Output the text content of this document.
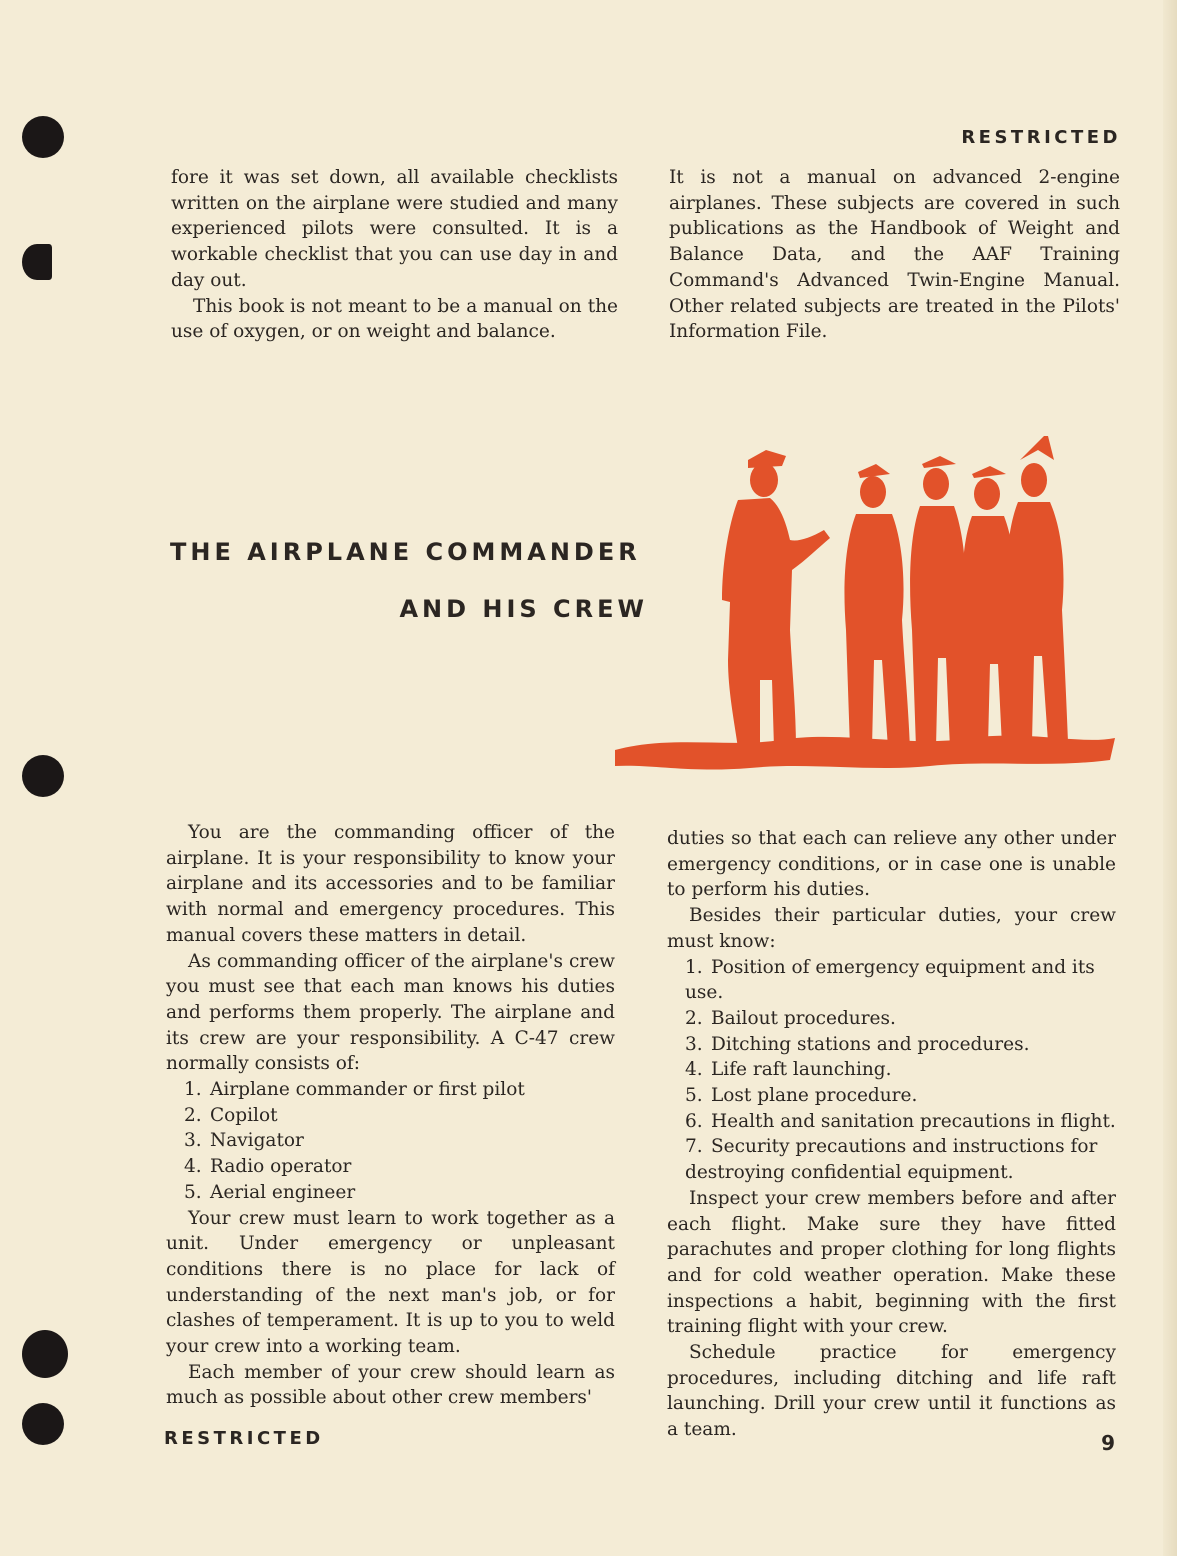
RESTRICTED

fore it was set down, all available checklists written on the airplane were studied and many experienced pilots were consulted. It is a workable checklist that you can use day in and day out.

This book is not meant to be a manual on the use of oxygen, or on weight and balance.

It is not a manual on advanced 2-engine airplanes. These subjects are covered in such publications as the Handbook of Weight and Balance Data, and the AAF Training Command's Advanced Twin-Engine Manual. Other related subjects are treated in the Pilots' Information File.

THE AIRPLANE COMMANDER
AND HIS CREW

You are the commanding officer of the airplane. It is your responsibility to know your airplane and its accessories and to be familiar with normal and emergency procedures. This manual covers these matters in detail.

As commanding officer of the airplane's crew you must see that each man knows his duties and performs them properly. The airplane and its crew are your responsibility. A C-47 crew normally consists of:

1. Airplane commander or first pilot
2. Copilot
3. Navigator
4. Radio operator
5. Aerial engineer

Your crew must learn to work together as a unit. Under emergency or unpleasant conditions there is no place for lack of understanding of the next man's job, or for clashes of temperament. It is up to you to weld your crew into a working team.

Each member of your crew should learn as much as possible about other crew members'

duties so that each can relieve any other under emergency conditions, or in case one is unable to perform his duties.

Besides their particular duties, your crew must know:

1. Position of emergency equipment and its use.
2. Bailout procedures.
3. Ditching stations and procedures.
4. Life raft launching.
5. Lost plane procedure.
6. Health and sanitation precautions in flight.
7. Security precautions and instructions for destroying confidential equipment.

Inspect your crew members before and after each flight. Make sure they have fitted parachutes and proper clothing for long flights and for cold weather operation. Make these inspections a habit, beginning with the first training flight with your crew.

Schedule practice for emergency procedures, including ditching and life raft launching. Drill your crew until it functions as a team.

RESTRICTED	9
